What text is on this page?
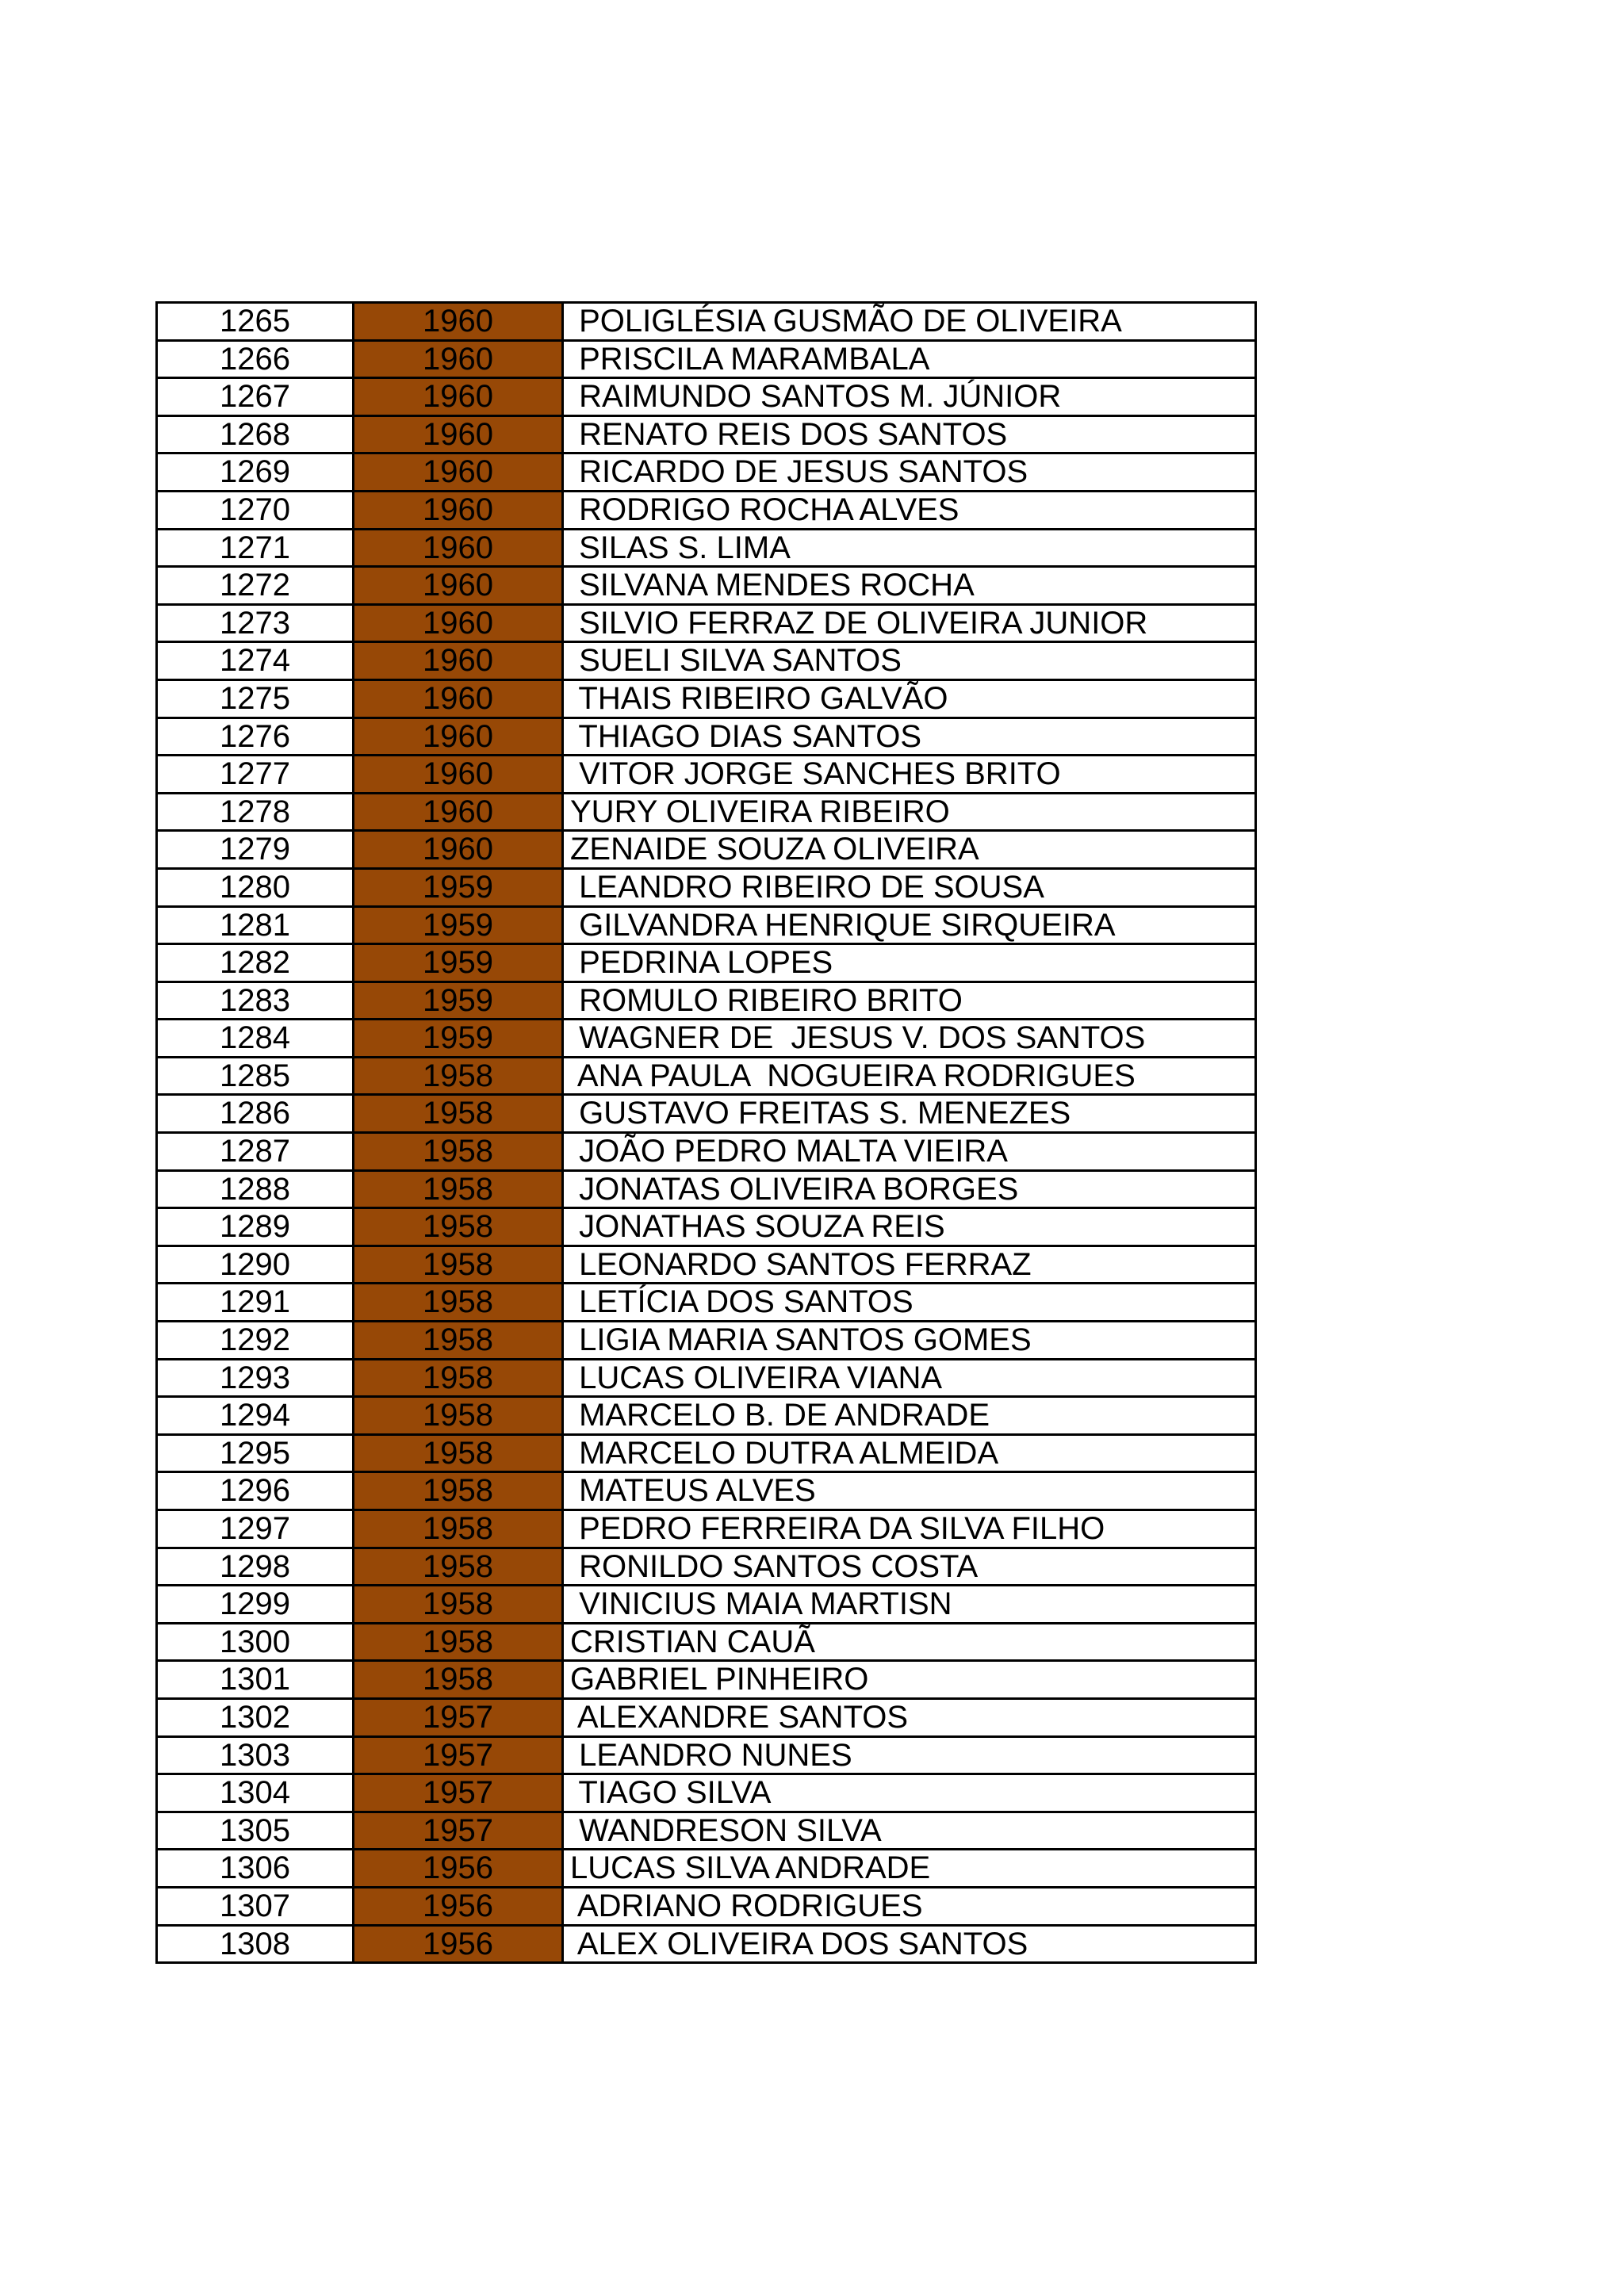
1265	1960	POLIGLÉSIA GUSMÃO DE OLIVEIRA
1266	1960	PRISCILA MARAMBALA
1267	1960	RAIMUNDO SANTOS M. JÚNIOR
1268	1960	RENATO REIS DOS SANTOS
1269	1960	RICARDO DE JESUS SANTOS
1270	1960	RODRIGO ROCHA ALVES
1271	1960	SILAS S. LIMA
1272	1960	SILVANA MENDES ROCHA
1273	1960	SILVIO FERRAZ DE OLIVEIRA JUNIOR
1274	1960	SUELI SILVA SANTOS
1275	1960	THAIS RIBEIRO GALVÃO
1276	1960	THIAGO DIAS SANTOS
1277	1960	VITOR JORGE SANCHES BRITO
1278	1960	YURY OLIVEIRA RIBEIRO
1279	1960	ZENAIDE SOUZA OLIVEIRA
1280	1959	LEANDRO RIBEIRO DE SOUSA
1281	1959	GILVANDRA HENRIQUE SIRQUEIRA
1282	1959	PEDRINA LOPES
1283	1959	ROMULO RIBEIRO BRITO
1284	1959	WAGNER DE  JESUS V. DOS SANTOS
1285	1958	ANA PAULA  NOGUEIRA RODRIGUES
1286	1958	GUSTAVO FREITAS S. MENEZES
1287	1958	JOÃO PEDRO MALTA VIEIRA
1288	1958	JONATAS OLIVEIRA BORGES
1289	1958	JONATHAS SOUZA REIS
1290	1958	LEONARDO SANTOS FERRAZ
1291	1958	LETÍCIA DOS SANTOS
1292	1958	LIGIA MARIA SANTOS GOMES
1293	1958	LUCAS OLIVEIRA VIANA
1294	1958	MARCELO B. DE ANDRADE
1295	1958	MARCELO DUTRA ALMEIDA
1296	1958	MATEUS ALVES
1297	1958	PEDRO FERREIRA DA SILVA FILHO
1298	1958	RONILDO SANTOS COSTA
1299	1958	VINICIUS MAIA MARTISN
1300	1958	CRISTIAN CAUÃ
1301	1958	GABRIEL PINHEIRO
1302	1957	ALEXANDRE SANTOS
1303	1957	LEANDRO NUNES
1304	1957	TIAGO SILVA
1305	1957	WANDRESON SILVA
1306	1956	LUCAS SILVA ANDRADE
1307	1956	ADRIANO RODRIGUES
1308	1956	ALEX OLIVEIRA DOS SANTOS
